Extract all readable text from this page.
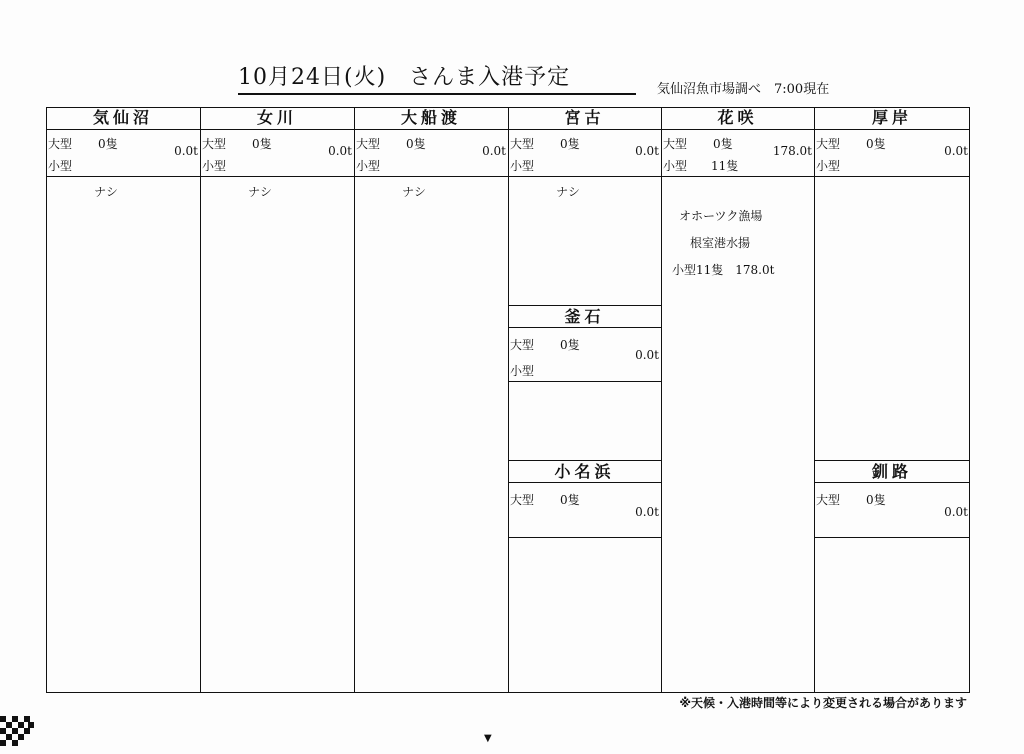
10月24日(火)　さんま入港予定	気仙沼魚市場調べ　7:00現在
気仙沼
大型 0隻	0.0t
小型
ナシ
女川
大型 0隻	0.0t
小型
ナシ
大船渡
大型 0隻	0.0t
小型
ナシ
宮古
大型 0隻	0.0t
小型
ナシ
釜石
大型 0隻
0.0t
小型
小名浜
大型 0隻
0.0t
花咲
大型 0隻	178.0t
小型 11隻
オホーツク漁場
根室港水揚
小型11隻　178.0t
厚岸
大型 0隻	0.0t
小型
釧路
大型 0隻
0.0t
※天候・入港時間等により変更される場合があります
▼
